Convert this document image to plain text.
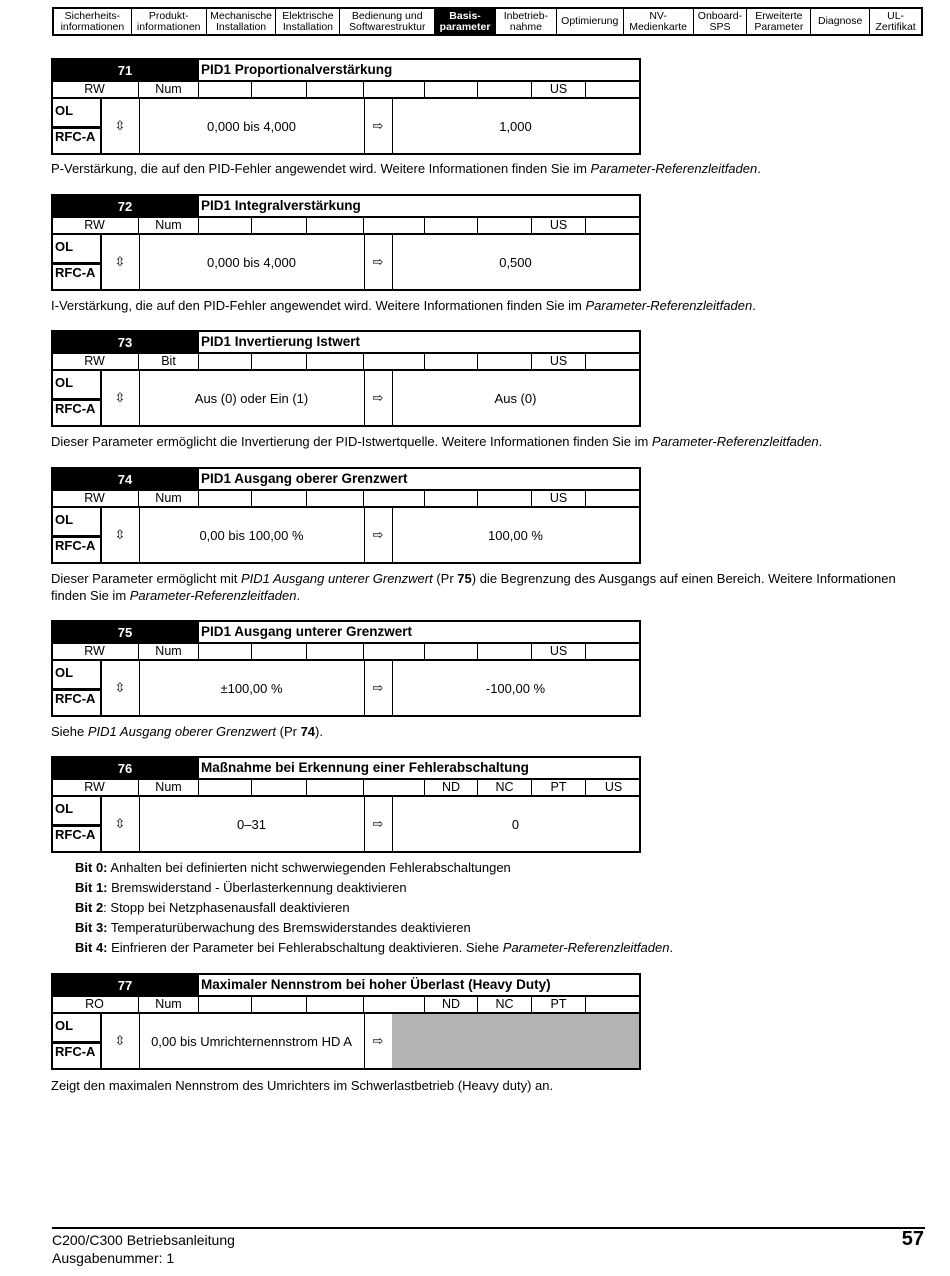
Sicherheits-
informationen
Produkt-
informationen
Mechanische
Installation
Elektrische
Installation
Bedienung und
Softwarestruktur
Basis-
parameter
Inbetrieb-
nahme	Optimierung	NV-
Medienkarte
Onboard-
SPS
Erweiterte
Parameter	Diagnose	UL-
Zertifikat
71	PID1 Proportionalverstärkung
RW	Num	US
OL
RFC-A
⇳	0,000 bis 4,000	⇨	1,000
72	PID1 Integralverstärkung
RW	Num	US
OL
RFC-A
⇳	0,000 bis 4,000	⇨	0,500
73	PID1 Invertierung Istwert
RW	Bit	US
OL
RFC-A
⇳	Aus (0) oder Ein (1)	⇨	Aus (0)
74	PID1 Ausgang oberer Grenzwert
RW	Num	US
OL
RFC-A
⇳	0,00 bis 100,00 %	⇨	100,00 %
75	PID1 Ausgang unterer Grenzwert
RW	Num	US
OL
RFC-A
⇳	±100,00 %	⇨	-100,00 %
76	Maßnahme bei Erkennung einer Fehlerabschaltung
RW	Num	ND	NC	PT	US
OL
RFC-A
⇳	0–31	⇨	0
77	Maximaler Nennstrom bei hoher Überlast (Heavy Duty)
RO	Num	ND	NC	PT
OL
RFC-A
⇳	0,00 bis Umrichternennstrom HD A	⇨
P-Verstärkung, die auf den PID-Fehler angewendet wird. Weitere Informationen finden Sie im Parameter-Referenzleitfaden.
I-Verstärkung, die auf den PID-Fehler angewendet wird. Weitere Informationen finden Sie im Parameter-Referenzleitfaden.
Dieser Parameter ermöglicht die Invertierung der PID-Istwertquelle. Weitere Informationen finden Sie im Parameter-Referenzleitfaden.
Dieser Parameter ermöglicht mit PID1 Ausgang unterer Grenzwert (Pr 75) die Begrenzung des Ausgangs auf einen Bereich. Weitere Informationen finden Sie im Parameter-Referenzleitfaden.
Siehe PID1 Ausgang oberer Grenzwert (Pr 74).
Bit 0: Anhalten bei definierten nicht schwerwiegenden Fehlerabschaltungen
Bit 1: Bremswiderstand - Überlasterkennung deaktivieren
Bit 2: Stopp bei Netzphasenausfall deaktivieren
Bit 3: Temperaturüberwachung des Bremswiderstandes deaktivieren
Bit 4: Einfrieren der Parameter bei Fehlerabschaltung deaktivieren. Siehe Parameter-Referenzleitfaden.
Zeigt den maximalen Nennstrom des Umrichters im Schwerlastbetrieb (Heavy duty) an.
C200/C300 Betriebsanleitung
Ausgabenummer: 1
57
